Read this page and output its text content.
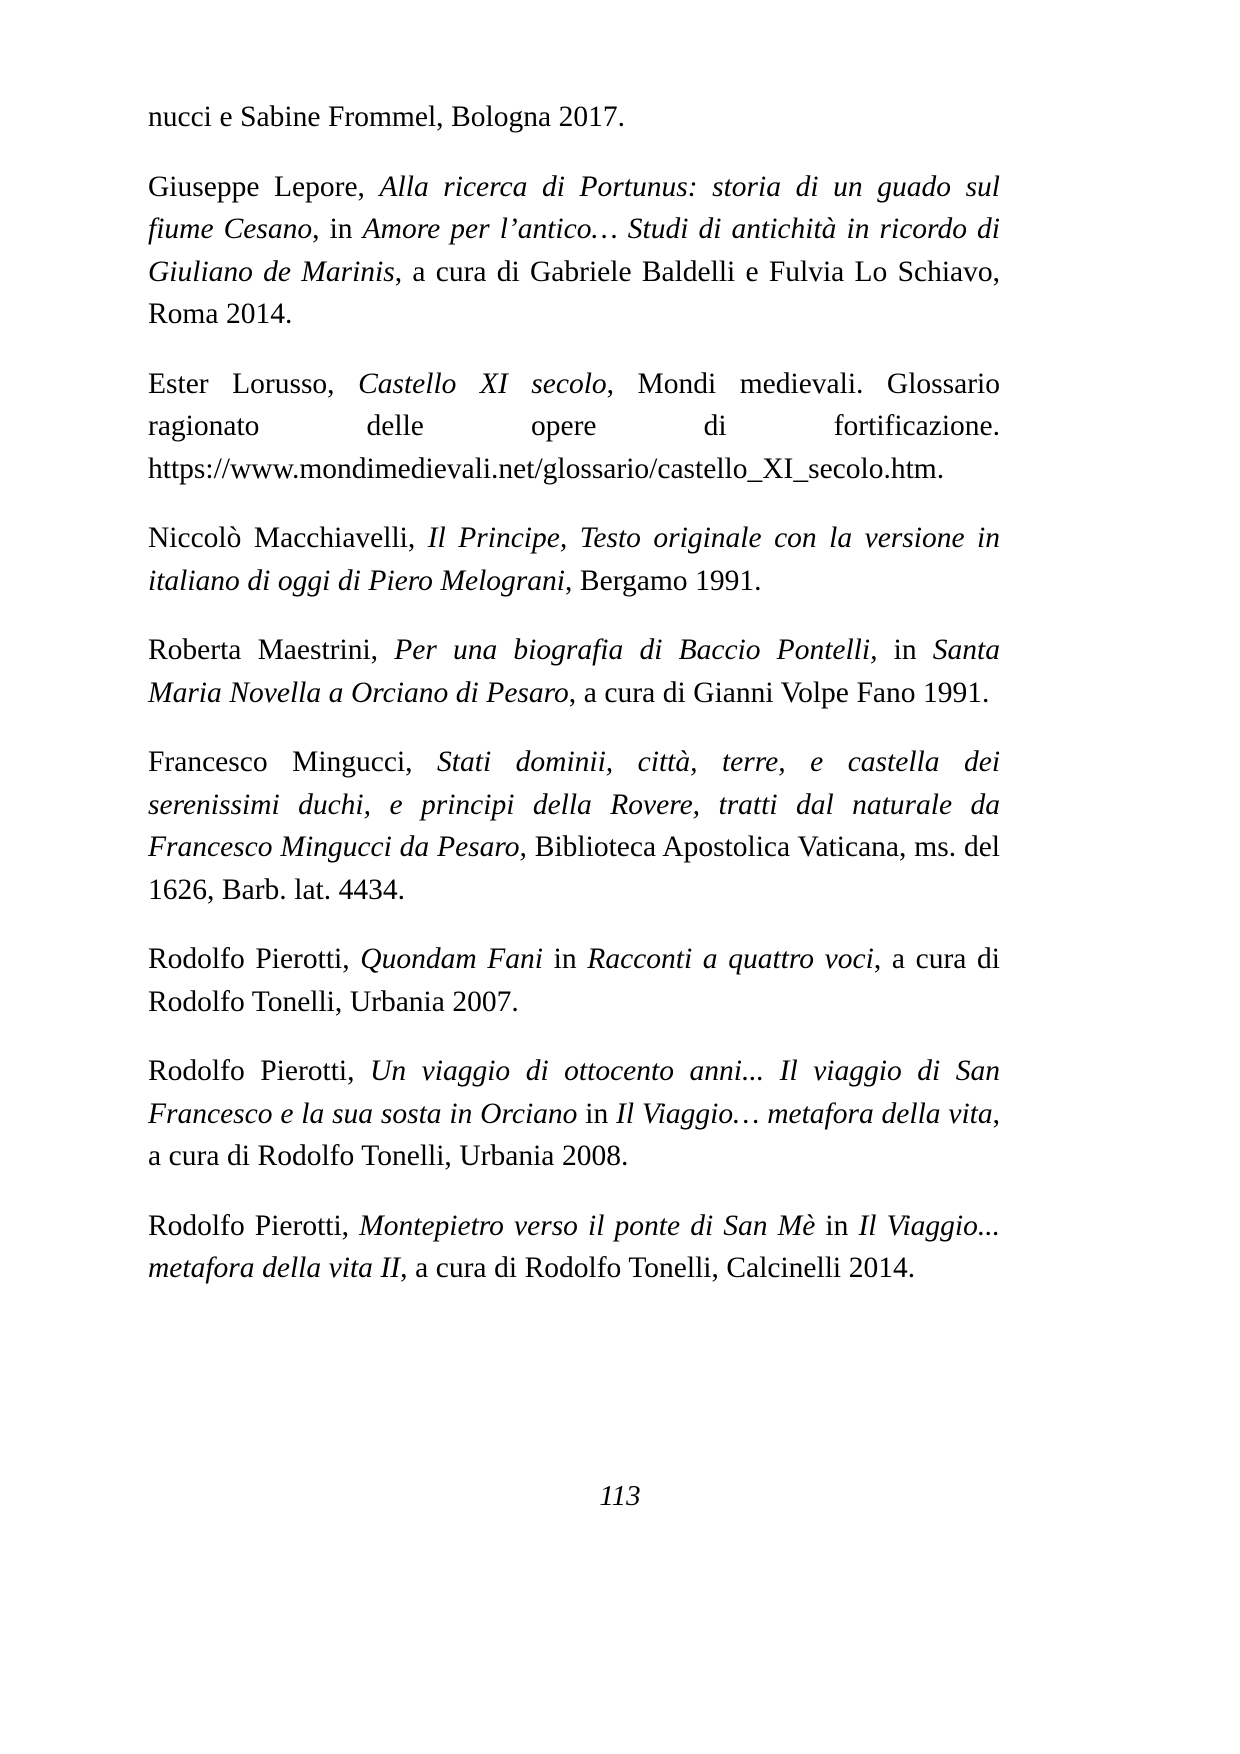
nucci e Sabine Frommel, Bologna 2017.

Giuseppe Lepore, Alla ricerca di Portunus: storia di un guado sul fiume Cesano, in Amore per l’antico… Studi di antichità in ricordo di Giuliano de Marinis, a cura di Gabriele Baldelli e Fulvia Lo Schiavo, Roma 2014.

Ester Lorusso, Castello XI secolo, Mondi medievali. Glossario ragionato delle opere di fortificazione. https://www.mondimedievali.net/glossario/castello_XI_secolo.htm.

Niccolò Macchiavelli, Il Principe, Testo originale con la versione in italiano di oggi di Piero Melograni, Bergamo 1991.

Roberta Maestrini, Per una biografia di Baccio Pontelli, in Santa Maria Novella a Orciano di Pesaro, a cura di Gianni Volpe Fano 1991.

Francesco Mingucci, Stati dominii, città, terre, e castella dei serenissimi duchi, e principi della Rovere, tratti dal naturale da Francesco Mingucci da Pesaro, Biblioteca Apostolica Vaticana, ms. del 1626, Barb. lat. 4434.

Rodolfo Pierotti, Quondam Fani in Racconti a quattro voci, a cura di Rodolfo Tonelli, Urbania 2007.

Rodolfo Pierotti, Un viaggio di ottocento anni... Il viaggio di San Francesco e la sua sosta in Orciano in Il Viaggio… metafora della vita, a cura di Rodolfo Tonelli, Urbania 2008.

Rodolfo Pierotti, Montepietro verso il ponte di San Mè in Il Viaggio... metafora della vita II, a cura di Rodolfo Tonelli, Calcinelli 2014.

113
